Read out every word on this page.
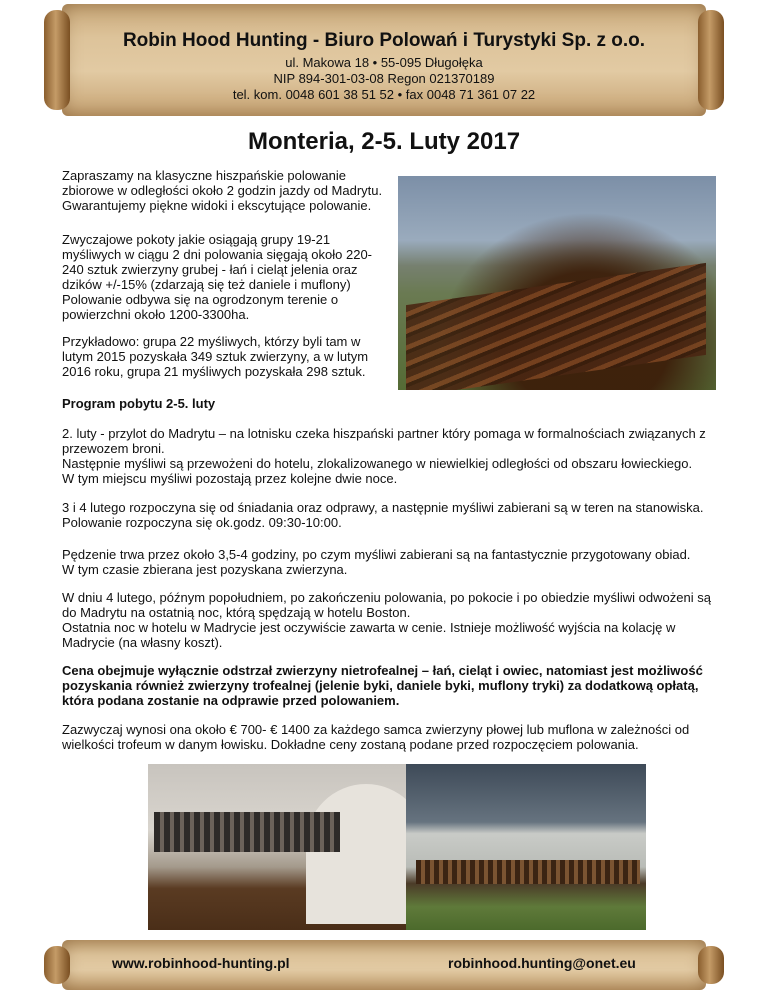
Robin Hood Hunting - Biuro Polowań i Turystyki Sp. z o.o.
ul. Makowa 18 • 55-095 Długołęka
NIP 894-301-03-08 Regon 021370189
tel. kom. 0048 601 38 51 52 • fax 0048 71 361 07 22
Monteria, 2-5. Luty 2017
Zapraszamy na klasyczne hiszpańskie polowanie
zbiorowe w odległości około 2 godzin jazdy od Madrytu.
Gwarantujemy piękne widoki i ekscytujące polowanie.
Zwyczajowe pokoty jakie osiągają grupy 19-21
myśliwych w ciągu 2 dni polowania sięgają około 220-
240 sztuk zwierzyny grubej - łań i cieląt jelenia oraz
dzików +/-15% (zdarzają się też daniele i muflony)
Polowanie odbywa się na ogrodzonym terenie o
powierzchni około 1200-3300ha.
Przykładowo: grupa 22 myśliwych, którzy byli tam w
lutym 2015 pozyskała 349 sztuk zwierzyny, a w lutym
2016 roku, grupa 21 myśliwych pozyskała 298 sztuk.
Program pobytu 2-5. luty
2. luty - przylot do Madrytu – na lotnisku czeka hiszpański partner który pomaga w formalnościach związanych z
przewozem broni.
Następnie myśliwi są przewożeni do hotelu, zlokalizowanego w niewielkiej odległości od obszaru łowieckiego.
W tym miejscu myśliwi pozostają przez kolejne dwie noce.
3 i 4 lutego rozpoczyna się od śniadania oraz odprawy, a następnie myśliwi zabierani są w teren na stanowiska.
Polowanie rozpoczyna się ok.godz. 09:30-10:00.
Pędzenie trwa przez około 3,5-4 godziny, po czym myśliwi zabierani są na fantastycznie przygotowany obiad.
W tym czasie zbierana jest pozyskana zwierzyna.
W dniu 4 lutego, późnym popołudniem, po zakończeniu polowania, po pokocie i po obiedzie myśliwi odwożeni są
do Madrytu na ostatnią noc, którą spędzają w hotelu Boston.
Ostatnia noc w hotelu w Madrycie jest oczywiście zawarta w cenie. Istnieje możliwość wyjścia na kolację w
Madrycie (na własny koszt).
Cena obejmuje wyłącznie odstrzał zwierzyny nietrofealnej – łań, cieląt i owiec, natomiast jest możliwość
pozyskania również zwierzyny trofealnej (jelenie byki, daniele byki, muflony tryki) za dodatkową opłatą,
która podana zostanie na odprawie przed polowaniem.
Zazwyczaj wynosi ona około € 700- € 1400 za każdego samca zwierzyny płowej lub muflona w zależności od
wielkości trofeum w danym łowisku. Dokładne ceny zostaną podane przed rozpoczęciem polowania.
www.robinhood-hunting.pl	robinhood.hunting@onet.eu
